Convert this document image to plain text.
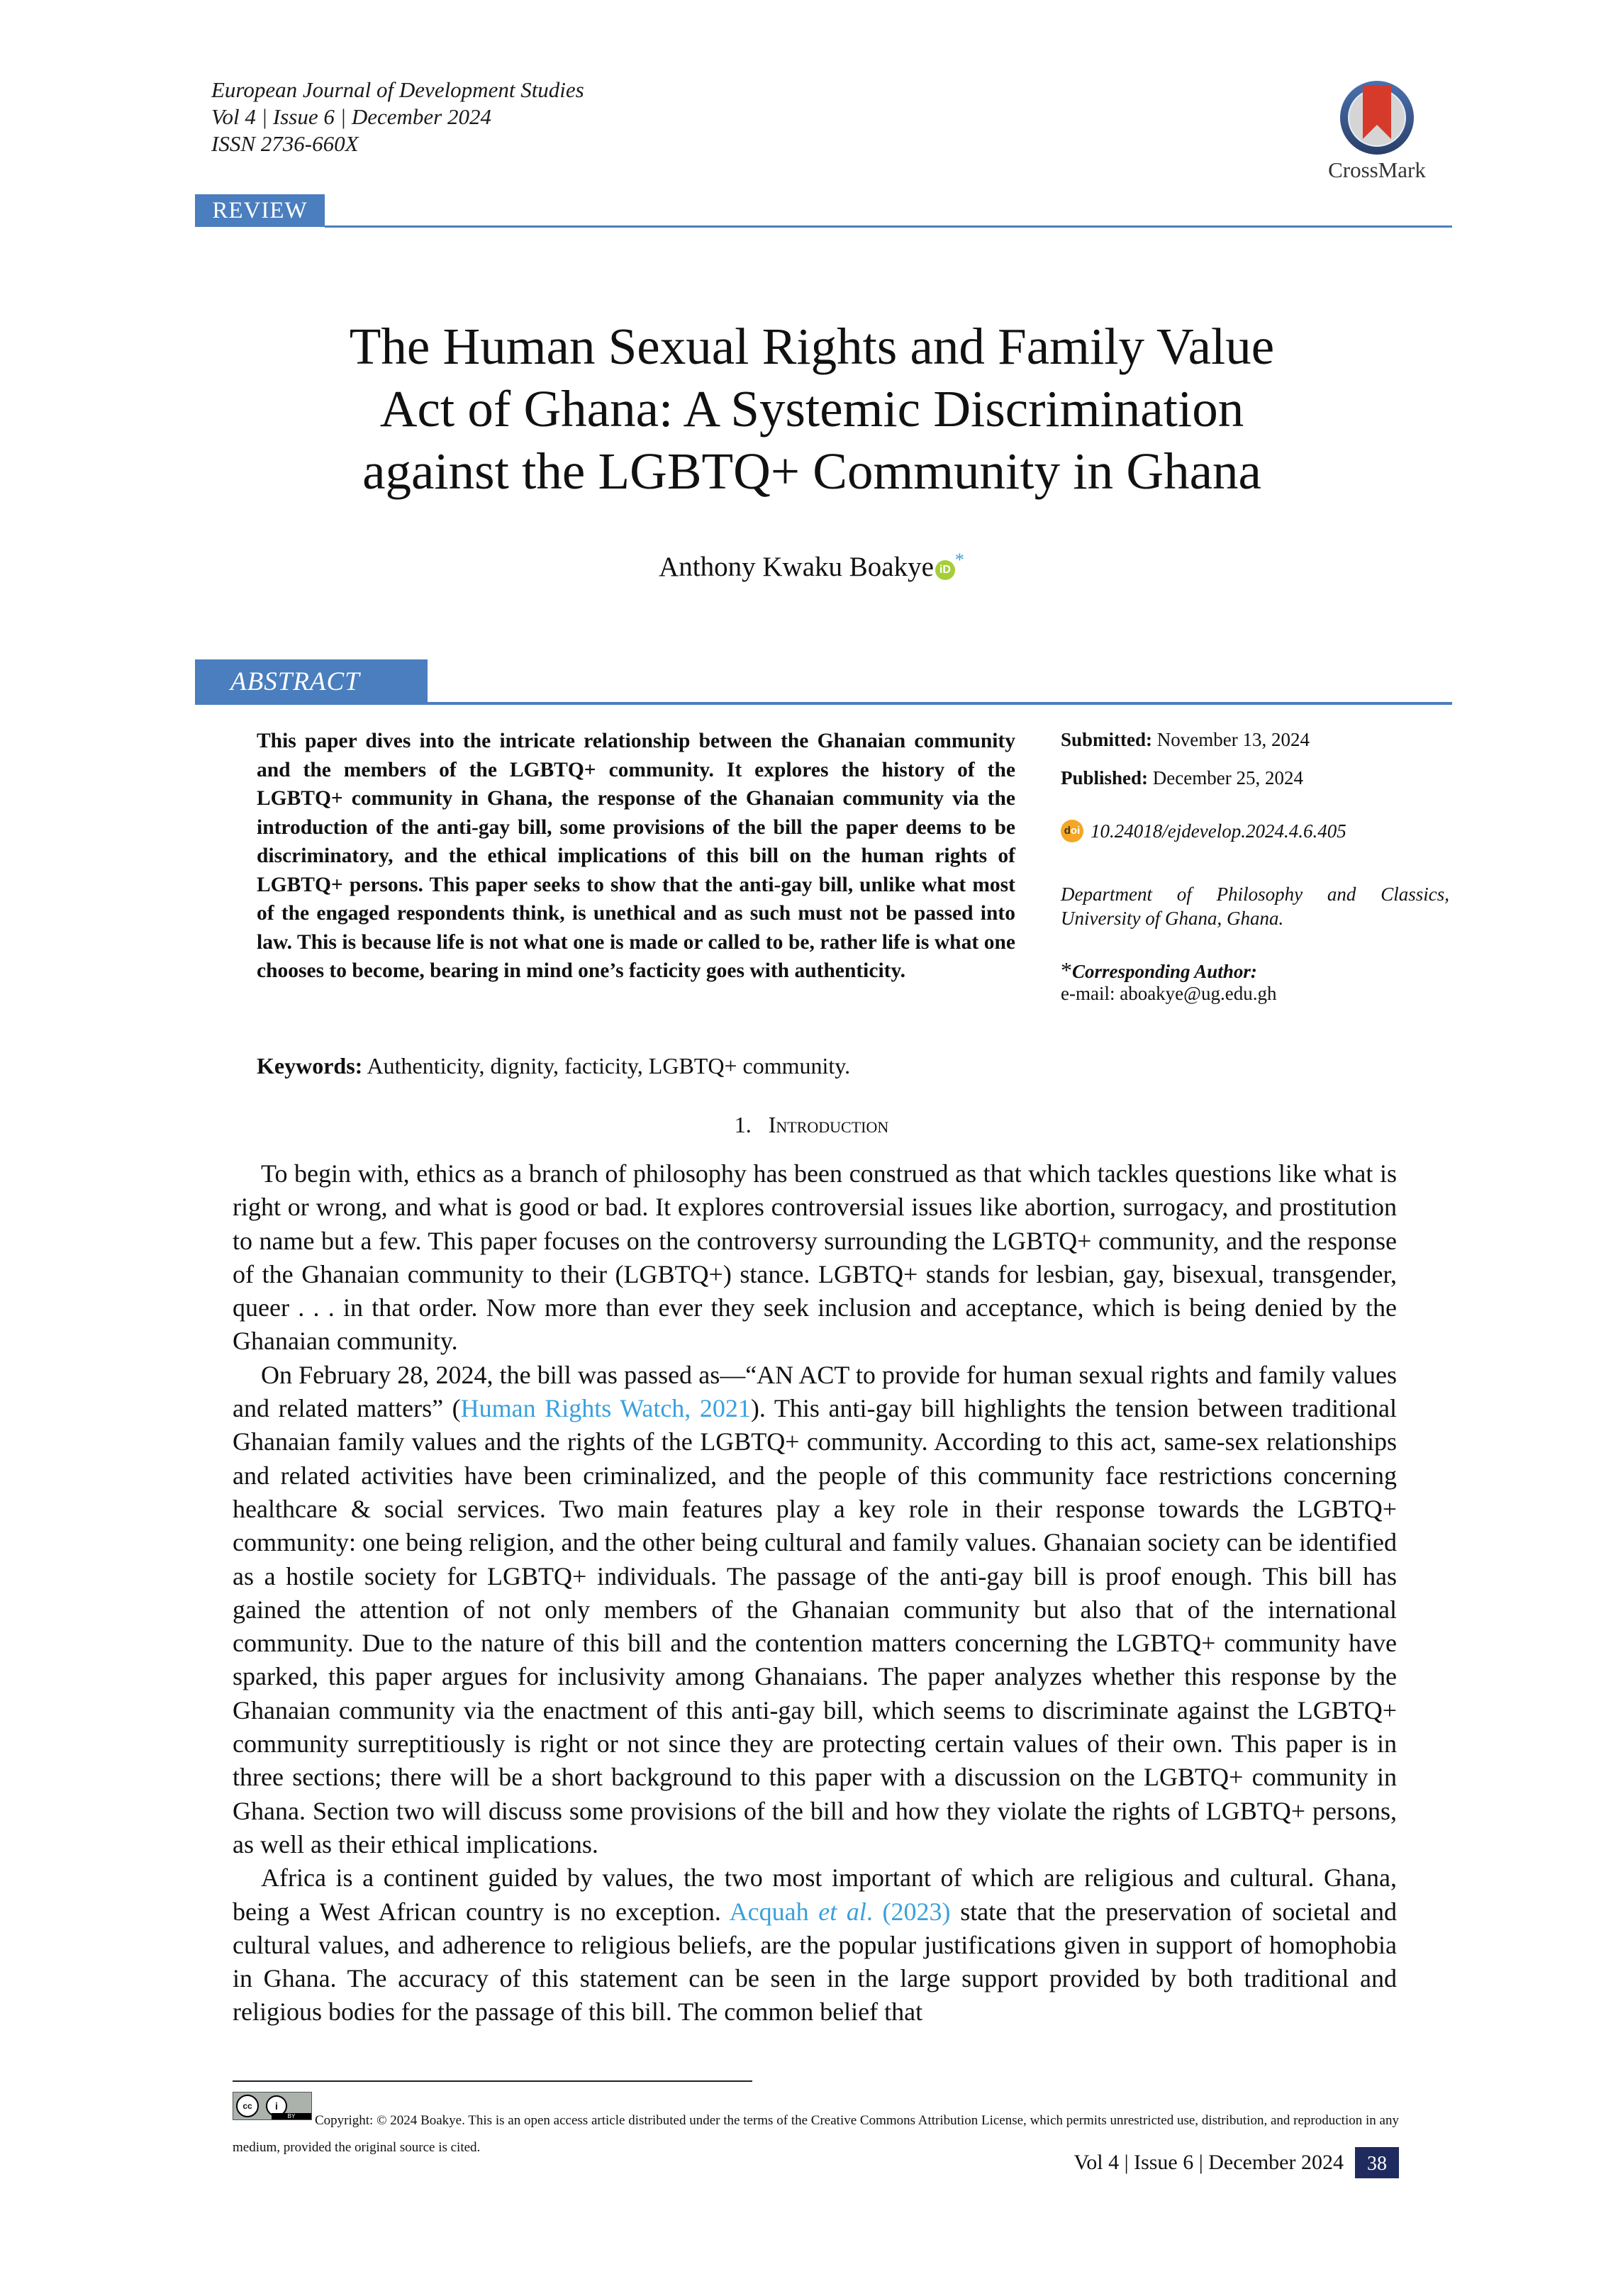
European Journal of Development Studies
Vol 4 | Issue 6 | December 2024
ISSN 2736-660X
CrossMark
REVIEW
The Human Sexual Rights and Family Value
Act of Ghana: A Systemic Discrimination
against the LGBTQ+ Community in Ghana
Anthony Kwaku Boakye iD *
ABSTRACT
This paper dives into the intricate relationship between the Ghanaian community and the members of the LGBTQ+ community. It explores the history of the LGBTQ+ community in Ghana, the response of the Ghanaian community via the introduction of the anti-gay bill, some provisions of the bill the paper deems to be discriminatory, and the ethical implications of this bill on the human rights of LGBTQ+ persons. This paper seeks to show that the anti-gay bill, unlike what most of the engaged respondents think, is unethical and as such must not be passed into law. This is because life is not what one is made or called to be, rather life is what one chooses to become, bearing in mind one’s facticity goes with authenticity.
Submitted: November 13, 2024
Published: December 25, 2024
doi 10.24018/ejdevelop.2024.4.6.405
Department of Philosophy and Classics, University of Ghana, Ghana.
*Corresponding Author:
e-mail: aboakye@ug.edu.gh
Keywords: Authenticity, dignity, facticity, LGBTQ+ community.
1. Introduction

To begin with, ethics as a branch of philosophy has been construed as that which tackles questions like what is right or wrong, and what is good or bad. It explores controversial issues like abortion, surrogacy, and prostitution to name but a few. This paper focuses on the controversy surrounding the LGBTQ+ community, and the response of the Ghanaian community to their (LGBTQ+) stance. LGBTQ+ stands for lesbian, gay, bisexual, transgender, queer . . . in that order. Now more than ever they seek inclusion and acceptance, which is being denied by the Ghanaian community.

On February 28, 2024, the bill was passed as—“AN ACT to provide for human sexual rights and family values and related matters” (Human Rights Watch, 2021). This anti-gay bill highlights the tension between traditional Ghanaian family values and the rights of the LGBTQ+ community. According to this act, same-sex relationships and related activities have been criminalized, and the people of this community face restrictions concerning healthcare & social services. Two main features play a key role in their response towards the LGBTQ+ community: one being religion, and the other being cultural and family values. Ghanaian society can be identified as a hostile society for LGBTQ+ individuals. The passage of the anti-gay bill is proof enough. This bill has gained the attention of not only members of the Ghanaian community but also that of the international community. Due to the nature of this bill and the contention matters concerning the LGBTQ+ community have sparked, this paper argues for inclusivity among Ghanaians. The paper analyzes whether this response by the Ghanaian community via the enactment of this anti-gay bill, which seems to discriminate against the LGBTQ+ community surreptitiously is right or not since they are protecting certain values of their own. This paper is in three sections; there will be a short background to this paper with a discussion on the LGBTQ+ community in Ghana. Section two will discuss some provisions of the bill and how they violate the rights of LGBTQ+ persons, as well as their ethical implications.

Africa is a continent guided by values, the two most important of which are religious and cultural. Ghana, being a West African country is no exception. Acquah et al. (2023) state that the preservation of societal and cultural values, and adherence to religious beliefs, are the popular justifications given in support of homophobia in Ghana. The accuracy of this statement can be seen in the large support provided by both traditional and religious bodies for the passage of this bill. The common belief that

cc	i
BY	Copyright: © 2024 Boakye. This is an open access article distributed under the terms of the Creative Commons Attribution License, which permits unrestricted use, distribution, and reproduction in any medium, provided the original source is cited.
Vol 4 | Issue 6 | December 2024	38
